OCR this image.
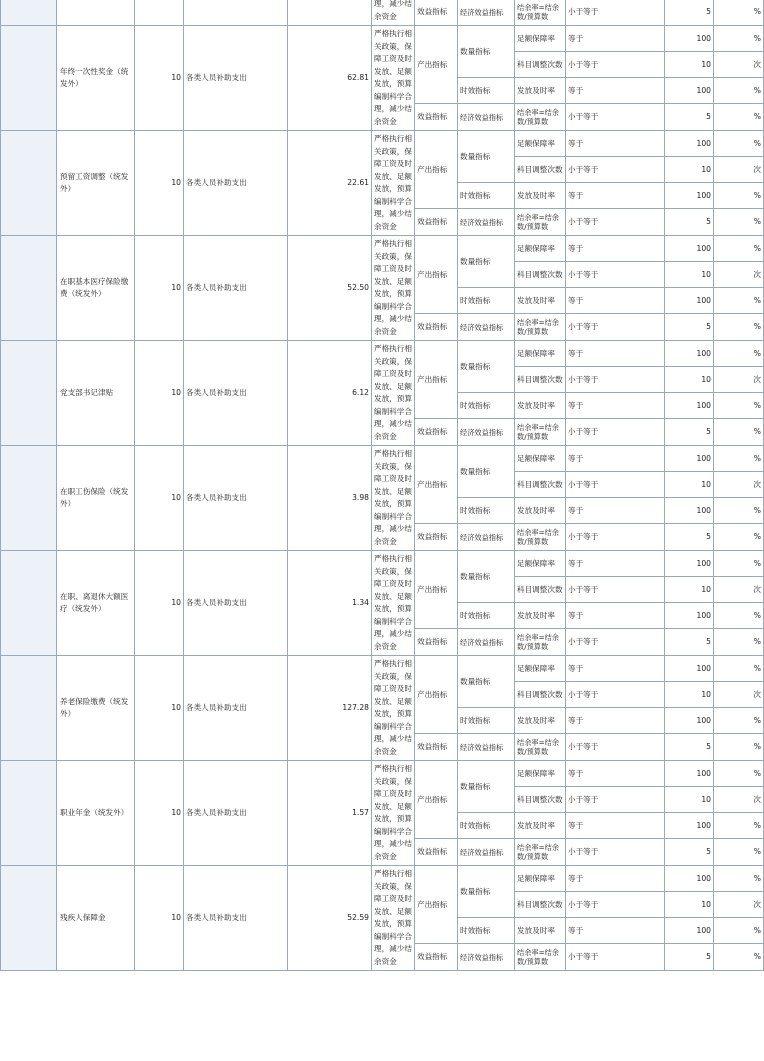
					理，减少结余资金							

						效益指标	经济效益指标	结余率=结余数/预算数	小于等于	5	%	
	年终一次性奖金（统发外）	10	各类人员补助支出	62.81	严格执行相关政策，保障工资及时发放、足额发放，预算编制科学合理，减少结余资金	产出指标	数量指标	足额保障率	等于	100	%	
								科目调整次数	小于等于	10	次	
							时效指标	发放及时率	等于	100	%	
						效益指标	经济效益指标	结余率=结余数/预算数	小于等于	5	%	
	预留工资调整（统发外）	10	各类人员补助支出	22.61	严格执行相关政策，保障工资及时发放、足额发放，预算编制科学合理，减少结余资金	产出指标	数量指标	足额保障率	等于	100	%	
								科目调整次数	小于等于	10	次	
							时效指标	发放及时率	等于	100	%	
						效益指标	经济效益指标	结余率=结余数/预算数	小于等于	5	%	
	在职基本医疗保险缴费（统发外）	10	各类人员补助支出	52.50	严格执行相关政策，保障工资及时发放、足额发放，预算编制科学合理，减少结余资金	产出指标	数量指标	足额保障率	等于	100	%	
								科目调整次数	小于等于	10	次	
							时效指标	发放及时率	等于	100	%	
						效益指标	经济效益指标	结余率=结余数/预算数	小于等于	5	%	
	党支部书记津贴	10	各类人员补助支出	6.12	严格执行相关政策，保障工资及时发放、足额发放，预算编制科学合理，减少结余资金	产出指标	数量指标	足额保障率	等于	100	%	
								科目调整次数	小于等于	10	次	
							时效指标	发放及时率	等于	100	%	
						效益指标	经济效益指标	结余率=结余数/预算数	小于等于	5	%	
	在职工伤保险（统发外）	10	各类人员补助支出	3.98	严格执行相关政策，保障工资及时发放、足额发放，预算编制科学合理，减少结余资金	产出指标	数量指标	足额保障率	等于	100	%	
								科目调整次数	小于等于	10	次	
							时效指标	发放及时率	等于	100	%	
						效益指标	经济效益指标	结余率=结余数/预算数	小于等于	5	%	
	在职、离退休大额医疗（统发外）	10	各类人员补助支出	1.34	严格执行相关政策，保障工资及时发放、足额发放，预算编制科学合理，减少结余资金	产出指标	数量指标	足额保障率	等于	100	%	
								科目调整次数	小于等于	10	次	
							时效指标	发放及时率	等于	100	%	
						效益指标	经济效益指标	结余率=结余数/预算数	小于等于	5	%	
	养老保险缴费（统发外）	10	各类人员补助支出	127.28	严格执行相关政策，保障工资及时发放、足额发放，预算编制科学合理，减少结余资金	产出指标	数量指标	足额保障率	等于	100	%	
								科目调整次数	小于等于	10	次	
							时效指标	发放及时率	等于	100	%	
						效益指标	经济效益指标	结余率=结余数/预算数	小于等于	5	%	
	职业年金（统发外）	10	各类人员补助支出	1.57	严格执行相关政策，保障工资及时发放、足额发放，预算编制科学合理，减少结余资金	产出指标	数量指标	足额保障率	等于	100	%	
								科目调整次数	小于等于	10	次	
							时效指标	发放及时率	等于	100	%	
						效益指标	经济效益指标	结余率=结余数/预算数	小于等于	5	%	
	残疾人保障金	10	各类人员补助支出	52.59	严格执行相关政策，保障工资及时发放、足额发放，预算编制科学合理，减少结余资金	产出指标	数量指标	足额保障率	等于	100	%	
								科目调整次数	小于等于	10	次	
							时效指标	发放及时率	等于	100	%	
						效益指标	经济效益指标	结余率=结余数/预算数	小于等于	5	%	
